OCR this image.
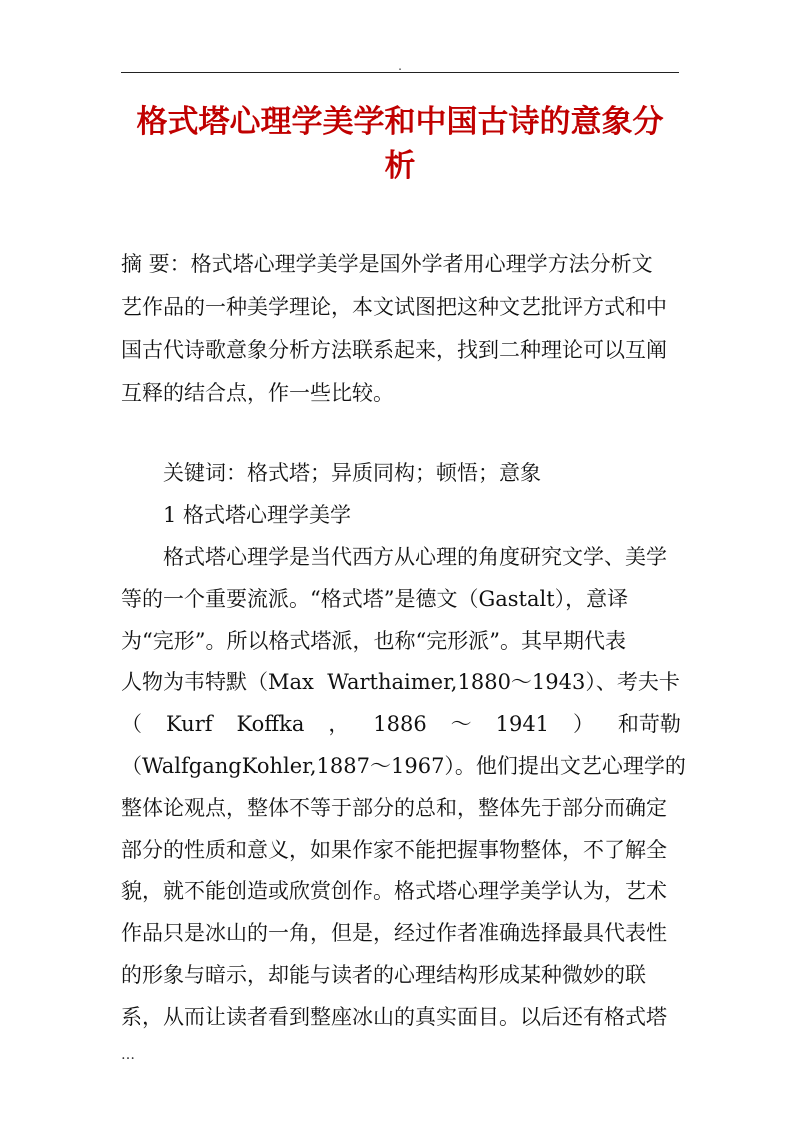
.
格式塔心理学美学和中国古诗的意象分
析

摘 要：格式塔心理学美学是国外学者用心理学方法分析文
艺作品的一种美学理论，本文试图把这种文艺批评方式和中
国古代诗歌意象分析方法联系起来，找到二种理论可以互阐
互释的结合点，作一些比较。

关键词：格式塔；异质同构；顿悟；意象

1 格式塔心理学美学

格式塔心理学是当代西方从心理的角度研究文学、美学
等的一个重要流派。“格式塔”是德文（Gastalt），意译
为“完形”。所以格式塔派，也称“完形派”。其早期代表
人物为韦特默（Max  Warthaimer,1880～1943）、考夫卡
（ Kurf Koffka ， 1886 ～ 1941 ） 和苛勒
（WalfgangKohler,1887～1967）。他们提出文艺心理学的
整体论观点，整体不等于部分的总和，整体先于部分而确定
部分的性质和意义，如果作家不能把握事物整体，不了解全
貌，就不能创造或欣赏创作。格式塔心理学美学认为，艺术
作品只是冰山的一角，但是，经过作者准确选择最具代表性
的形象与暗示，却能与读者的心理结构形成某种微妙的联
系，从而让读者看到整座冰山的真实面目。以后还有格式塔

…
